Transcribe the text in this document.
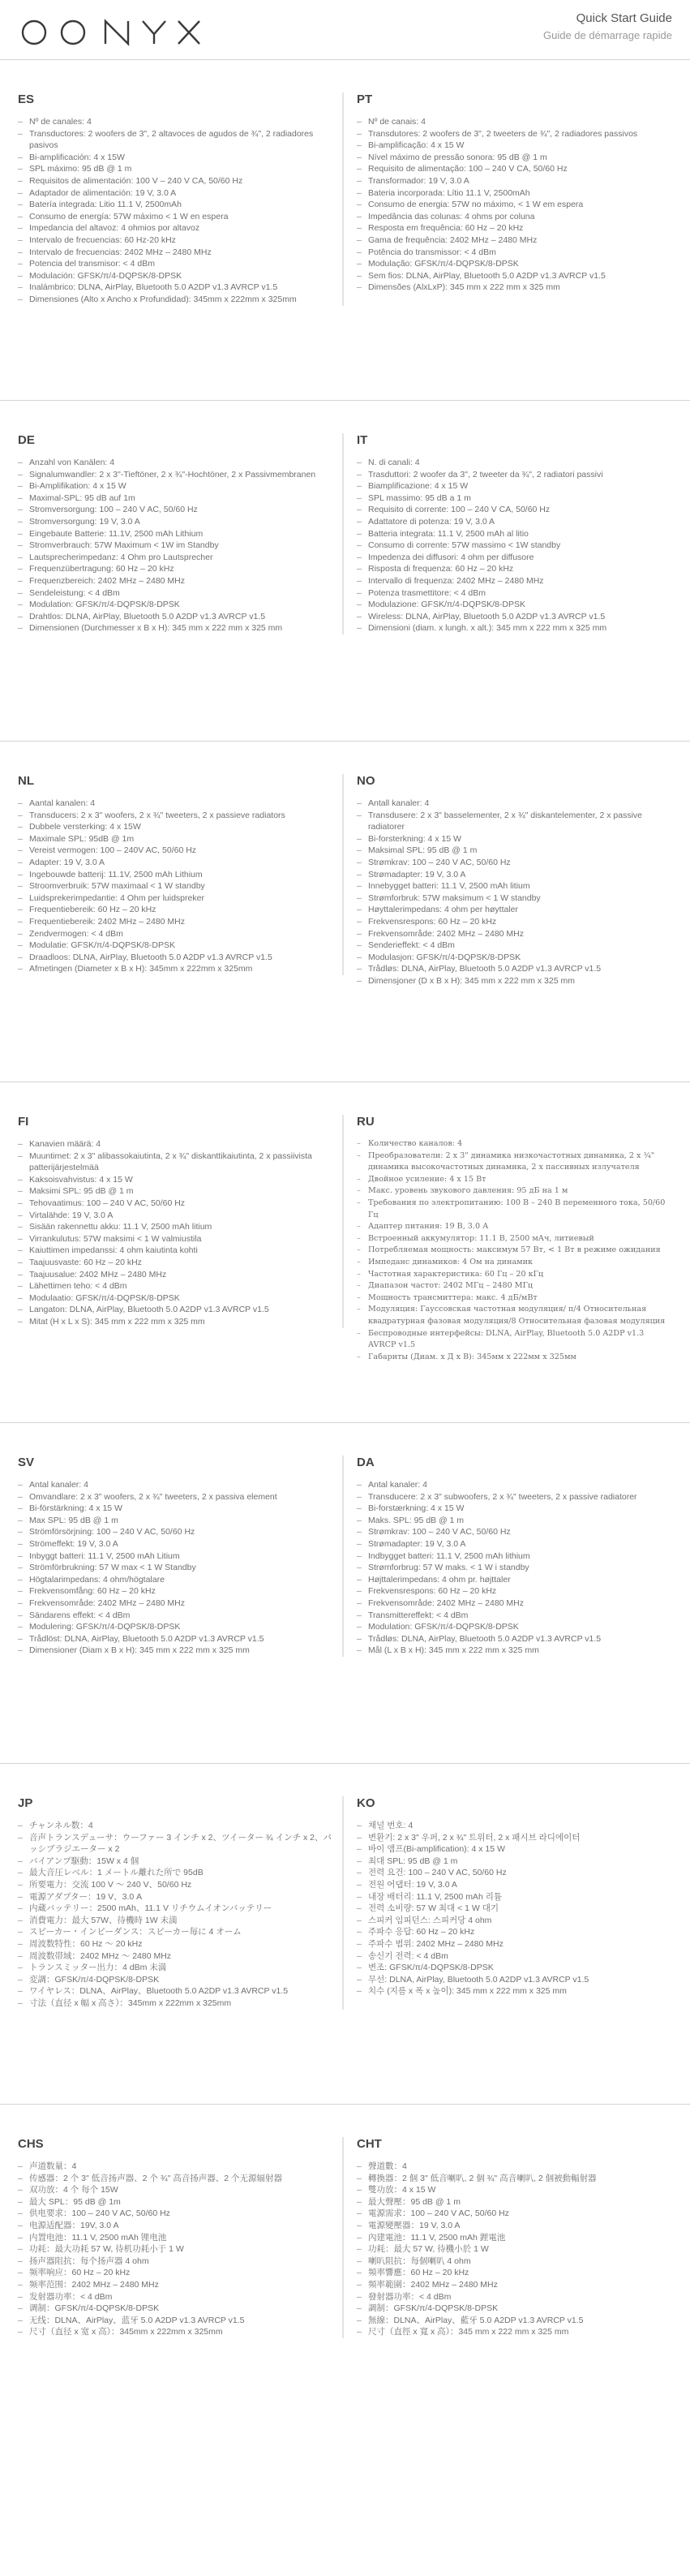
Quick Start Guide
Guide de démarrage rapide
ES
– Nº de canales: 4
– Transductores: 2 woofers de 3", 2 altavoces de agudos de ¾", 2 radiadores pasivos
– Bi-amplificación: 4 x 15W
– SPL máximo: 95 dB @ 1 m
– Requisitos de alimentación: 100 V – 240 V CA, 50/60 Hz
– Adaptador de alimentación: 19 V, 3.0 A
– Batería integrada: Litio 11.1 V, 2500mAh
– Consumo de energía: 57W máximo < 1 W en espera
– Impedancia del altavoz: 4 ohmios por altavoz
– Intervalo de frecuencias: 60 Hz-20 kHz
– Intervalo de frecuencias: 2402 MHz – 2480 MHz
– Potencia del transmisor: < 4 dBm
– Modulación: GFSK/π/4-DQPSK/8-DPSK
– Inalámbrico: DLNA, AirPlay, Bluetooth 5.0 A2DP v1.3 AVRCP v1.5
– Dimensiones (Alto x Ancho x Profundidad): 345mm x 222mm x 325mm
PT
– Nº de canais: 4
– Transdutores: 2 woofers de 3", 2 tweeters de ¾", 2 radiadores passivos
– Bi-amplificação: 4 x 15 W
– Nível máximo de pressão sonora: 95 dB @ 1 m
– Requisito de alimentação: 100 – 240 V CA, 50/60 Hz
– Transformador: 19 V, 3.0 A
– Bateria incorporada: Lítio 11.1 V, 2500mAh
– Consumo de energia: 57W no máximo, < 1 W em espera
– Impedância das colunas: 4 ohms por coluna
– Resposta em frequência: 60 Hz – 20 kHz
– Gama de frequência: 2402 MHz – 2480 MHz
– Potência do transmissor: < 4 dBm
– Modulação: GFSK/π/4-DQPSK/8-DPSK
– Sem fios: DLNA, AirPlay, Bluetooth 5.0 A2DP v1.3 AVRCP v1.5
– Dimensões (AlxLxP): 345 mm x 222 mm x 325 mm
DE
– Anzahl von Kanälen: 4
– Signalumwandler: 2 x 3"-Tieftöner, 2 x ¾"-Hochtöner, 2 x Passivmembranen
– Bi-Amplifikation: 4 x 15 W
– Maximal-SPL: 95 dB auf 1m
– Stromversorgung: 100 – 240 V AC, 50/60 Hz
– Stromversorgung: 19 V, 3.0 A
– Eingebaute Batterie: 11.1V, 2500 mAh Lithium
– Stromverbrauch: 57W Maximum < 1W im Standby
– Lautsprecherimpedanz: 4 Ohm pro Lautsprecher
– Frequenzübertragung: 60 Hz – 20 kHz
– Frequenzbereich: 2402 MHz – 2480 MHz
– Sendeleistung: < 4 dBm
– Modulation: GFSK/π/4-DQPSK/8-DPSK
– Drahtlos: DLNA, AirPlay, Bluetooth 5.0 A2DP v1.3 AVRCP v1.5
– Dimensionen (Durchmesser x B x H): 345 mm x 222 mm x 325 mm
IT
– N. di canali: 4
– Trasduttori: 2 woofer da 3", 2 tweeter da ¾", 2 radiatori passivi
– Biamplificazione: 4 x 15 W
– SPL massimo: 95 dB a 1 m
– Requisito di corrente: 100 – 240 V CA, 50/60 Hz
– Adattatore di potenza: 19 V, 3.0 A
– Batteria integrata: 11.1 V, 2500 mAh al litio
– Consumo di corrente: 57W massimo < 1W standby
– Impedenza dei diffusori: 4 ohm per diffusore
– Risposta di frequenza: 60 Hz – 20 kHz
– Intervallo di frequenza: 2402 MHz – 2480 MHz
– Potenza trasmettitore: < 4 dBm
– Modulazione: GFSK/π/4-DQPSK/8-DPSK
– Wireless: DLNA, AirPlay, Bluetooth 5.0 A2DP v1.3 AVRCP v1.5
– Dimensioni (diam. x lungh. x alt.): 345 mm x 222 mm x 325 mm
NL
– Aantal kanalen: 4
– Transducers: 2 x 3" woofers, 2 x ¾" tweeters, 2 x passieve radiators
– Dubbele versterking: 4 x 15W
– Maximale SPL: 95dB @ 1m
– Vereist vermogen: 100 – 240V AC, 50/60 Hz
– Adapter: 19 V, 3.0 A
– Ingebouwde batterij: 11.1V, 2500 mAh Lithium
– Stroomverbruik: 57W maximaal < 1 W standby
– Luidsprekerimpedantie: 4 Ohm per luidspreker
– Frequentiebereik: 60 Hz – 20 kHz
– Frequentiebereik: 2402 MHz – 2480 MHz
– Zendvermogen: < 4 dBm
– Modulatie: GFSK/π/4-DQPSK/8-DPSK
– Draadloos: DLNA, AirPlay, Bluetooth 5.0 A2DP v1.3 AVRCP v1.5
– Afmetingen (Diameter x B x H): 345mm x 222mm x 325mm
NO
– Antall kanaler: 4
– Transdusere: 2 x 3" basselementer, 2 x ¾" diskantelementer, 2 x passive radiatorer
– Bi-forsterkning: 4 x 15 W
– Maksimal SPL: 95 dB @ 1 m
– Strømkrav: 100 – 240 V AC, 50/60 Hz
– Strømadapter: 19 V, 3.0 A
– Innebygget batteri: 11.1 V, 2500 mAh litium
– Strømforbruk: 57W maksimum < 1 W standby
– Høyttalerimpedans: 4 ohm per høyttaler
– Frekvensrespons: 60 Hz – 20 kHz
– Frekvensområde: 2402 MHz – 2480 MHz
– Senderieffekt: < 4 dBm
– Modulasjon: GFSK/π/4-DQPSK/8-DPSK
– Trådløs: DLNA, AirPlay, Bluetooth 5.0 A2DP v1.3 AVRCP v1.5
– Dimensjoner (D x B x H): 345 mm x 222 mm x 325 mm
FI
– Kanavien määrä: 4
– Muuntimet: 2 x 3" alibassokaiutinta, 2 x ¾" diskanttikaiutinta, 2 x passiivista patterijärjestelmää
– Kaksoisvahvistus: 4 x 15 W
– Maksimi SPL: 95 dB @ 1 m
– Tehovaatimus: 100 – 240 V AC, 50/60 Hz
– Virtalähde: 19 V, 3.0 A
– Sisään rakennettu akku: 11.1 V, 2500 mAh litium
– Virrankulutus: 57W maksimi < 1 W valmiustila
– Kaiuttimen impedanssi: 4 ohm kaiutinta kohti
– Taajuusvaste: 60 Hz – 20 kHz
– Taajuusalue: 2402 MHz – 2480 MHz
– Lähettimen teho: < 4 dBm
– Modulaatio: GFSK/π/4-DQPSK/8-DPSK
– Langaton: DLNA, AirPlay, Bluetooth 5.0 A2DP v1.3 AVRCP v1.5
– Mitat (H x L x S): 345 mm x 222 mm x 325 mm
RU
– Количество каналов: 4
– Преобразователи: 2 x 3" динамика низкочастотных динамика, 2 x ¾" динамика высокочастотных динамика, 2 x пассивных излучателя
– Двойное усиление: 4 x 15 Вт
– Макс. уровень звукового давления: 95 дБ на 1 м
– Требования по электропитанию: 100 В – 240 В переменного тока, 50/60 Гц
– Адаптер питания: 19 В, 3.0 А
– Встроенный аккумулятор: 11.1 В, 2500 мАч, литиевый
– Потребляемая мощность: максимум 57 Вт, < 1 Вт в режиме ожидания
– Импеданс динамиков: 4 Ом на динамик
– Частотная характеристика: 60 Гц – 20 кГц
– Диапазон частот: 2402 МГц – 2480 МГц
– Мощность трансмиттера: макс. 4 дБ/мВт
– Модуляция: Гауссовская частотная модуляция/ π/4 Относительная квадратурная фазовая модуляция/8 Относительная фазовая модуляция
– Беспроводные интерфейсы: DLNA, AirPlay, Bluetooth 5.0 A2DP v1.3 AVRCP v1.5
– Габариты (Диам. х Д х В): 345мм x 222мм x 325мм
SV
– Antal kanaler: 4
– Omvandlare: 2 x 3" woofers, 2 x ¾" tweeters, 2 x passiva element
– Bi-förstärkning: 4 x 15 W
– Max SPL: 95 dB @ 1 m
– Strömförsörjning: 100 – 240 V AC, 50/60 Hz
– Strömeffekt: 19 V, 3.0 A
– Inbyggt batteri: 11.1 V, 2500 mAh Litium
– Strömförbrukning: 57 W max < 1 W Standby
– Högtalarimpedans: 4 ohm/högtalare
– Frekvensomfång: 60 Hz – 20 kHz
– Frekvensområde: 2402 MHz – 2480 MHz
– Sändarens effekt: < 4 dBm
– Modulering: GFSK/π/4-DQPSK/8-DPSK
– Trådlöst: DLNA, AirPlay, Bluetooth 5.0 A2DP v1.3 AVRCP v1.5
– Dimensioner (Diam x B x H): 345 mm x 222 mm x 325 mm
DA
– Antal kanaler: 4
– Transducere: 2 x 3" subwoofers, 2 x ¾" tweeters, 2 x passive radiatorer
– Bi-forstærkning: 4 x 15 W
– Maks. SPL: 95 dB @ 1 m
– Strømkrav: 100 – 240 V AC, 50/60 Hz
– Strømadapter: 19 V, 3.0 A
– Indbygget batteri: 11.1 V, 2500 mAh lithium
– Strømforbrug: 57 W maks. < 1 W i standby
– Højttalerimpedans: 4 ohm pr. højttaler
– Frekvensrespons: 60 Hz – 20 kHz
– Frekvensområde: 2402 MHz – 2480 MHz
– Transmittereffekt: < 4 dBm
– Modulation: GFSK/π/4-DQPSK/8-DPSK
– Trådløs: DLNA, AirPlay, Bluetooth 5.0 A2DP v1.3 AVRCP v1.5
– Mål (L x B x H): 345 mm x 222 mm x 325 mm
JP
– チャンネル数：4
– 音声トランスデューサ：ウーファー 3 インチ x 2、ツイーター ¾ インチ x 2、パッシブラジエーター x 2
– バイアンプ駆動：15W x 4 個
– 最大音圧レベル：1 メートル離れた所で 95dB
– 所要電力：交流 100 V ～ 240 V、50/60 Hz
– 電源アダプター：19 V、3.0 A
– 内蔵バッテリー：2500 mAh、11.1 V リチウムイオンバッテリー
– 消費電力：最大 57W、待機時 1W 未満
– スピーカー・インピーダンス：スピーカー毎に 4 オーム
– 周波数特性：60 Hz ～ 20 kHz
– 周波数帯域：2402 MHz ～ 2480 MHz
– トランスミッター出力：4 dBm 未満
– 変調：GFSK/π/4-DQPSK/8-DPSK
– ワイヤレス：DLNA、AirPlay、Bluetooth 5.0 A2DP v1.3 AVRCP v1.5
– 寸法（直径 x 幅 x 高さ）：345mm x 222mm x 325mm
KO
– 채널 번호: 4
– 변환기: 2 x 3" 우퍼, 2 x ¾" 트위터, 2 x 패시브 라디에이터
– 바이 앰프(Bi-amplification): 4 x 15 W
– 최대 SPL: 95 dB @ 1 m
– 전력 요건: 100 – 240 V AC, 50/60 Hz
– 전원 어댑터: 19 V, 3.0 A
– 내장 배터리: 11.1 V, 2500 mAh 리튬
– 전력 소비량: 57 W 최대 < 1 W 대기
– 스피커 임피던스: 스피커당 4 ohm
– 주파수 응답: 60 Hz – 20 kHz
– 주파수 범위: 2402 MHz – 2480 MHz
– 송신기 전력: < 4 dBm
– 변조: GFSK/π/4-DQPSK/8-DPSK
– 무선: DLNA, AirPlay, Bluetooth 5.0 A2DP v1.3 AVRCP v1.5
– 치수 (지름 x 폭 x 높이): 345 mm x 222 mm x 325 mm
CHS
– 声道数量：4
– 传感器：2 个 3" 低音扬声器、2 个 ¾" 高音扬声器、2 个无源辐射器
– 双功放：4 个 每个 15W
– 最大 SPL：95 dB @ 1m
– 供电要求：100 – 240 V AC, 50/60 Hz
– 电源适配器：19V, 3.0 A
– 内置电池：11.1 V, 2500 mAh 锂电池
– 功耗：最大功耗 57 W, 待机功耗小于 1 W
– 扬声器阻抗：每个扬声器 4 ohm
– 频率响应：60 Hz – 20 kHz
– 频率范围：2402 MHz – 2480 MHz
– 发射器功率：< 4 dBm
– 调制：GFSK/π/4-DQPSK/8-DPSK
– 无线：DLNA、AirPlay、蓝牙 5.0 A2DP v1.3 AVRCP v1.5
– 尺寸（直径 x 宽 x 高）：345mm x 222mm x 325mm
CHT
– 聲道數：4
– 轉換器：2 個 3" 低音喇叭, 2 個 ¾" 高音喇叭, 2 個被動輻射器
– 雙功放：4 x 15 W
– 最大聲壓：95 dB @ 1 m
– 電源需求：100 – 240 V AC, 50/60 Hz
– 電源變壓器：19 V, 3.0 A
– 內建電池：11.1 V, 2500 mAh 鋰電池
– 功耗：最大 57 W, 待機小於 1 W
– 喇叭阻抗：每個喇叭 4 ohm
– 頻率響應：60 Hz – 20 kHz
– 頻率範圍：2402 MHz – 2480 MHz
– 發射器功率：< 4 dBm
– 調制：GFSK/π/4-DQPSK/8-DPSK
– 無線：DLNA、AirPlay、藍牙 5.0 A2DP v1.3 AVRCP v1.5
– 尺寸（直徑 x 寬 x 高）：345 mm x 222 mm x 325 mm
